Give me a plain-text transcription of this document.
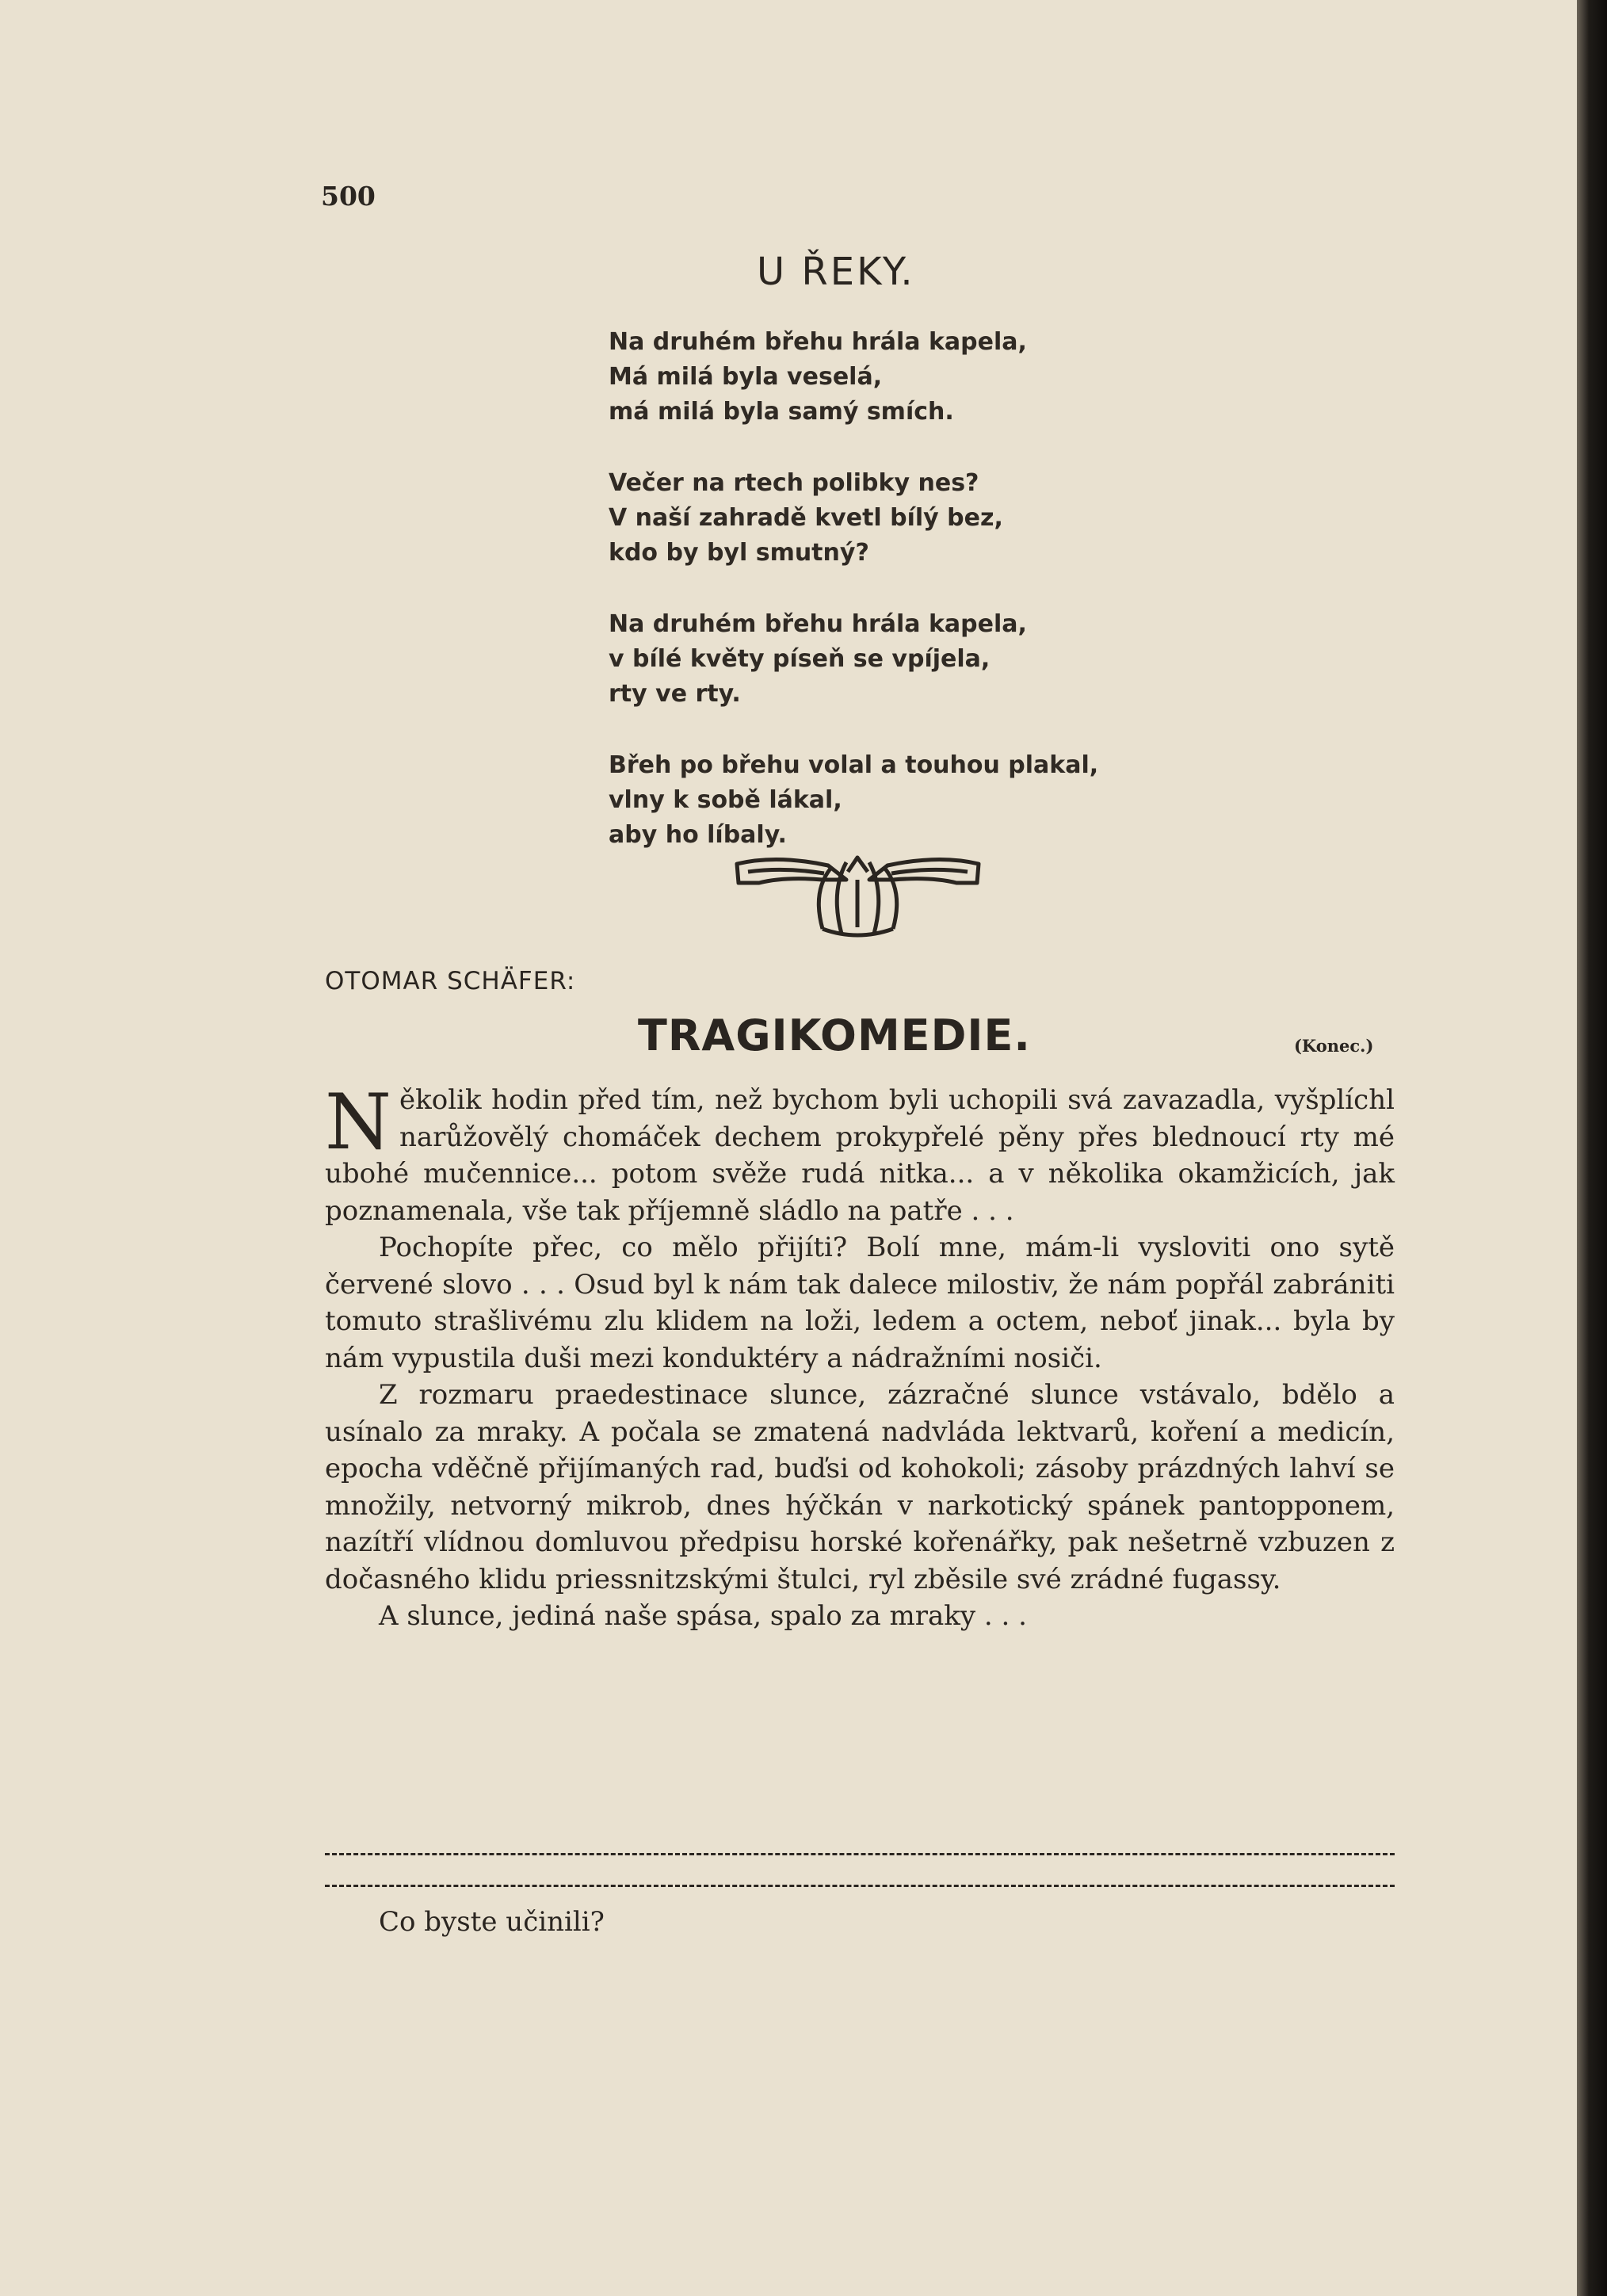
500
U ŘEKY.
Na druhém břehu hrála kapela,
Má milá byla veselá,
má milá byla samý smích.
Večer na rtech polibky nes?
V naší zahradě kvetl bílý bez,
kdo by byl smutný?
Na druhém břehu hrála kapela,
v bílé květy píseň se vpíjela,
rty ve rty.
Břeh po břehu volal a touhou plakal,
vlny k sobě lákal,
aby ho líbaly.
OTOMAR SCHÄFER:
TRAGIKOMEDIE.	(Konec.)

Několik hodin před tím, než bychom byli uchopili svá zavazadla, vyšplíchl narůžovělý chomáček dechem prokypřelé pěny přes blednoucí rty mé ubohé mučennice... potom svěže rudá nitka... a v několika okamžicích, jak poznamenala, vše tak příjemně sládlo na patře . . .

Pochopíte přec, co mělo přijíti? Bolí mne, mám-li vysloviti ono sytě červené slovo . . . Osud byl k nám tak dalece milostiv, že nám popřál zabrániti tomuto strašlivému zlu klidem na loži, ledem a octem, neboť jinak... byla by nám vypustila duši mezi konduktéry a nádražními nosiči.

Z rozmaru praedestinace slunce, zázračné slunce vstávalo, bdělo a usínalo za mraky. A počala se zmatená nadvláda lektvarů, koření a medicín, epocha vděčně přijímaných rad, buďsi od kohokoli; zásoby prázdných lahví se množily, netvorný mikrob, dnes hýčkán v narkotický spánek pantopponem, nazítří vlídnou domluvou předpisu horské kořenářky, pak nešetrně vzbuzen z dočasného klidu priessnitzskými štulci, ryl zběsile své zrádné fugassy.

A slunce, jediná naše spása, spalo za mraky . . .

Co byste učinili?
